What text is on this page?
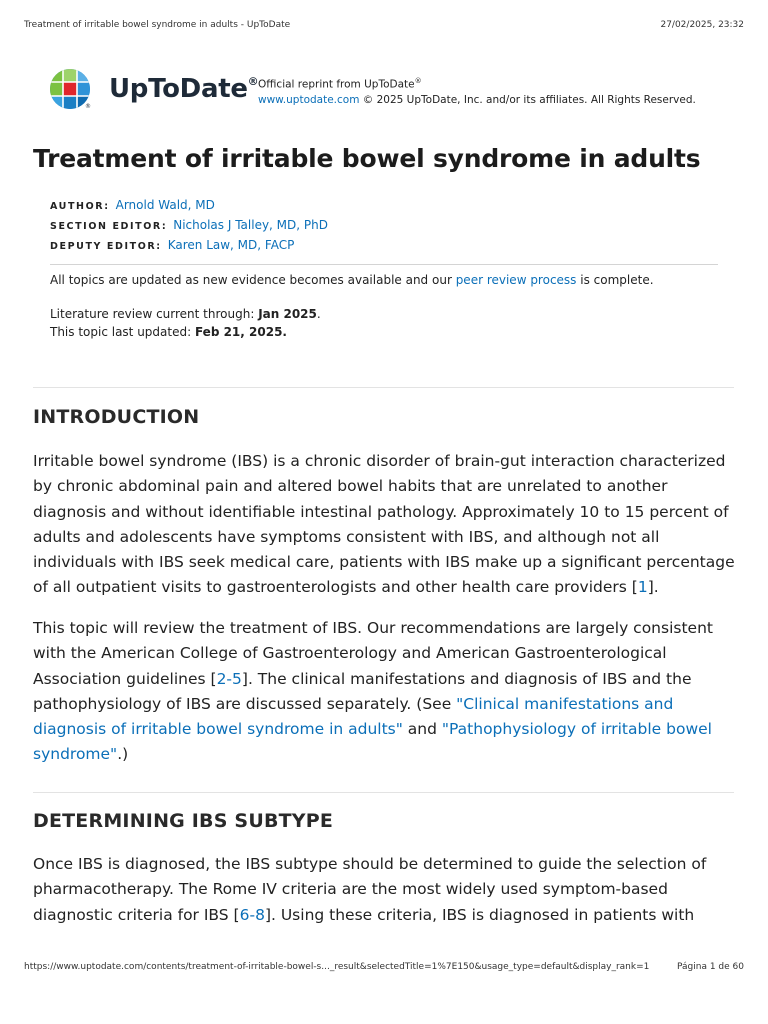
Treatment of irritable bowel syndrome in adults - UpToDate	27/02/2025, 23:32
®
UpToDate® Official reprint from UpToDate®
www.uptodate.com © 2025 UpToDate, Inc. and/or its affiliates. All Rights Reserved.
Treatment of irritable bowel syndrome in adults
AUTHOR: Arnold Wald, MD
SECTION EDITOR: Nicholas J Talley, MD, PhD
DEPUTY EDITOR: Karen Law, MD, FACP
All topics are updated as new evidence becomes available and our peer review process is complete.
Literature review current through: Jan 2025.
This topic last updated: Feb 21, 2025.
INTRODUCTION

Irritable bowel syndrome (IBS) is a chronic disorder of brain-gut interaction characterized by chronic abdominal pain and altered bowel habits that are unrelated to another diagnosis and without identifiable intestinal pathology. Approximately 10 to 15 percent of adults and adolescents have symptoms consistent with IBS, and although not all individuals with IBS seek medical care, patients with IBS make up a significant percentage of all outpatient visits to gastroenterologists and other health care providers [1].

This topic will review the treatment of IBS. Our recommendations are largely consistent with the American College of Gastroenterology and American Gastroenterological Association guidelines [2-5]. The clinical manifestations and diagnosis of IBS and the pathophysiology of IBS are discussed separately. (See "Clinical manifestations and diagnosis of irritable bowel syndrome in adults" and "Pathophysiology of irritable bowel syndrome".)

DETERMINING IBS SUBTYPE

Once IBS is diagnosed, the IBS subtype should be determined to guide the selection of pharmacotherapy. The Rome IV criteria are the most widely used symptom-based diagnostic criteria for IBS [6-8]. Using these criteria, IBS is diagnosed in patients with

https://www.uptodate.com/contents/treatment-of-irritable-bowel-s..._result&selectedTitle=1%7E150&usage_type=default&display_rank=1	Página 1 de 60
